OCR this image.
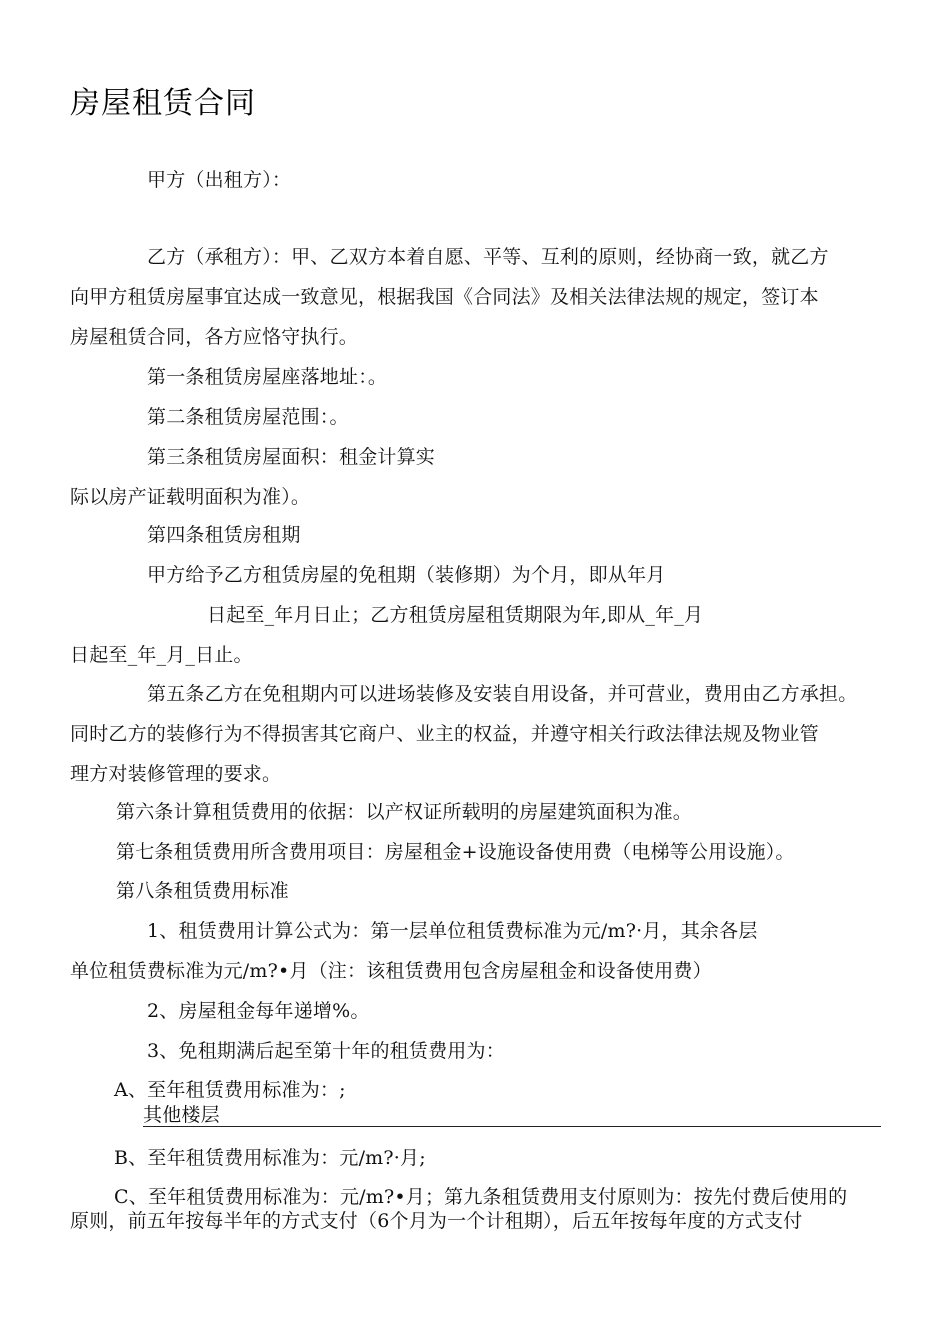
房屋租赁合同
甲方（出租方）：
乙方（承租方）：甲、乙双方本着自愿、平等、互利的原则，经协商一致，就乙方
向甲方租赁房屋事宜达成一致意见，根据我国《合同法》及相关法律法规的规定，签订本
房屋租赁合同，各方应恪守执行。
第一条租赁房屋座落地址：。
第二条租赁房屋范围：。
第三条租赁房屋面积：租金计算实
际以房产证载明面积为准）。
第四条租赁房租期
甲方给予乙方租赁房屋的免租期（装修期）为个月，即从年月
日起至_年月日止；乙方租赁房屋租赁期限为年,即从_年_月
日起至_年_月_日止。
第五条乙方在免租期内可以进场装修及安装自用设备，并可营业，费用由乙方承担。
同时乙方的装修行为不得损害其它商户、业主的权益，并遵守相关行政法律法规及物业管
理方对装修管理的要求。
第六条计算租赁费用的依据：以产权证所载明的房屋建筑面积为准。
第七条租赁费用所含费用项目：房屋租金+设施设备使用费（电梯等公用设施）。
第八条租赁费用标准
1、租赁费用计算公式为：第一层单位租赁费标准为元/m?·月，其余各层
单位租赁费标准为元/m?•月（注：该租赁费用包含房屋租金和设备使用费）
2、房屋租金每年递增%。
3、免租期满后起至第十年的租赁费用为：
A、至年租赁费用标准为：;
其他楼层
B、至年租赁费用标准为：元/m?·月;
C、至年租赁费用标准为：元/m?•月；第九条租赁费用支付原则为：按先付费后使用的
原则，前五年按每半年的方式支付（6个月为一个计租期），后五年按每年度的方式支付
